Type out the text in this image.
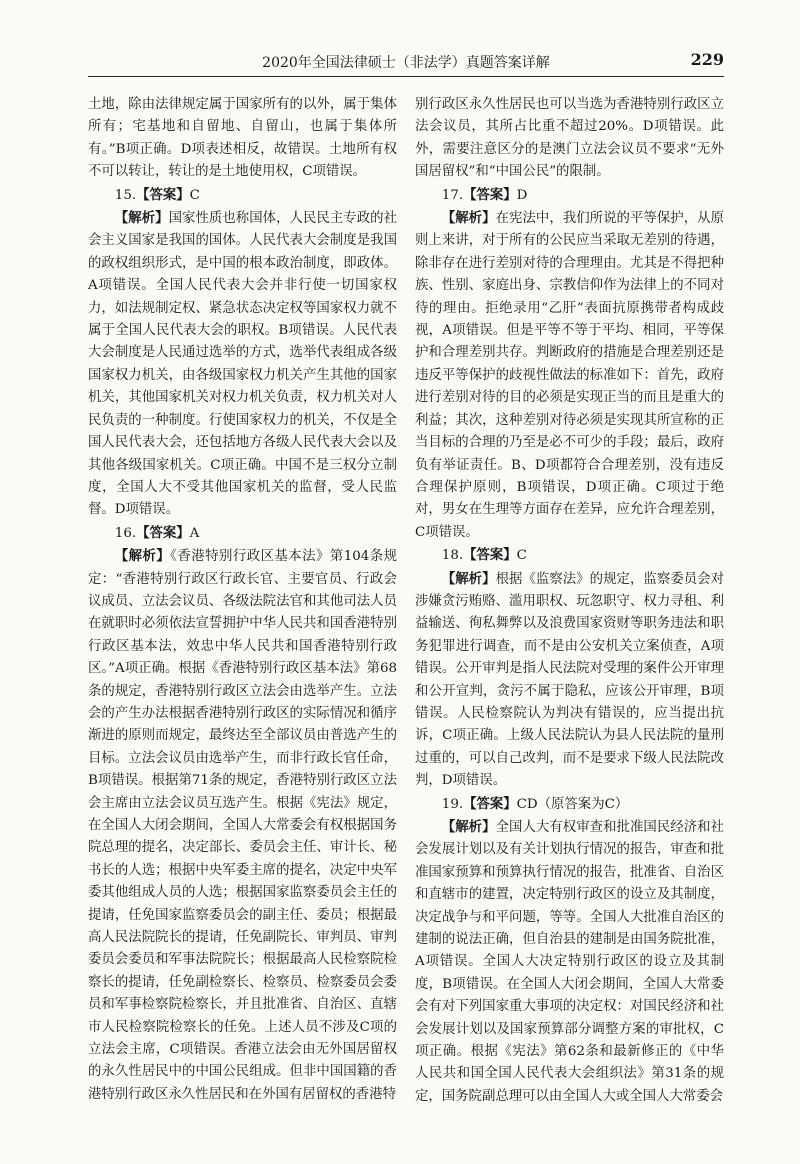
2020年全国法律硕士（非法学）真题答案详解	229

土地，除由法律规定属于国家所有的以外，属于集体所有；宅基地和自留地、自留山，也属于集体所有。”B项正确。D项表述相反，故错误。土地所有权不可以转让，转让的是土地使用权，C项错误。

15.【答案】C

【解析】国家性质也称国体，人民民主专政的社会主义国家是我国的国体。人民代表大会制度是我国的政权组织形式，是中国的根本政治制度，即政体。A项错误。全国人民代表大会并非行使一切国家权力，如法规制定权、紧急状态决定权等国家权力就不属于全国人民代表大会的职权。B项错误。人民代表大会制度是人民通过选举的方式，选举代表组成各级国家权力机关，由各级国家权力机关产生其他的国家机关，其他国家机关对权力机关负责，权力机关对人民负责的一种制度。行使国家权力的机关，不仅是全国人民代表大会，还包括地方各级人民代表大会以及其他各级国家机关。C项正确。中国不是三权分立制度，全国人大不受其他国家机关的监督，受人民监督。D项错误。

16.【答案】A

【解析】《香港特别行政区基本法》第104条规定：“香港特别行政区行政长官、主要官员、行政会议成员、立法会议员、各级法院法官和其他司法人员在就职时必须依法宣誓拥护中华人民共和国香港特别行政区基本法，效忠中华人民共和国香港特别行政区。”A项正确。根据《香港特别行政区基本法》第68条的规定，香港特别行政区立法会由选举产生。立法会的产生办法根据香港特别行政区的实际情况和循序渐进的原则而规定，最终达至全部议员由普选产生的目标。立法会议员由选举产生，而非行政长官任命，B项错误。根据第71条的规定，香港特别行政区立法会主席由立法会议员互选产生。根据《宪法》规定，在全国人大闭会期间，全国人大常委会有权根据国务院总理的提名，决定部长、委员会主任、审计长、秘书长的人选；根据中央军委主席的提名，决定中央军委其他组成人员的人选；根据国家监察委员会主任的提请，任免国家监察委员会的副主任、委员；根据最高人民法院院长的提请，任免副院长、审判员、审判委员会委员和军事法院院长；根据最高人民检察院检察长的提请，任免副检察长、检察员、检察委员会委员和军事检察院检察长，并且批准省、自治区、直辖市人民检察院检察长的任免。上述人员不涉及C项的立法会主席，C项错误。香港立法会由无外国居留权的永久性居民中的中国公民组成。但非中国国籍的香港特别行政区永久性居民和在外国有居留权的香港特

别行政区永久性居民也可以当选为香港特别行政区立法会议员，其所占比重不超过20%。D项错误。此外，需要注意区分的是澳门立法会议员不要求“无外国居留权”和“中国公民”的限制。

17.【答案】D

【解析】在宪法中，我们所说的平等保护，从原则上来讲，对于所有的公民应当采取无差别的待遇，除非存在进行差别对待的合理理由。尤其是不得把种族、性别、家庭出身、宗教信仰作为法律上的不同对待的理由。拒绝录用“乙肝”表面抗原携带者构成歧视，A项错误。但是平等不等于平均、相同，平等保护和合理差别共存。判断政府的措施是合理差别还是违反平等保护的歧视性做法的标准如下：首先，政府进行差别对待的目的必须是实现正当的而且是重大的利益；其次，这种差别对待必须是实现其所宣称的正当目标的合理的乃至是必不可少的手段；最后，政府负有举证责任。B、D项都符合合理差别，没有违反合理保护原则，B项错误，D项正确。C项过于绝对，男女在生理等方面存在差异，应允许合理差别，C项错误。

18.【答案】C

【解析】根据《监察法》的规定，监察委员会对涉嫌贪污贿赂、滥用职权、玩忽职守、权力寻租、利益输送、徇私舞弊以及浪费国家资财等职务违法和职务犯罪进行调查，而不是由公安机关立案侦查，A项错误。公开审判是指人民法院对受理的案件公开审理和公开宣判，贪污不属于隐私，应该公开审理，B项错误。人民检察院认为判决有错误的，应当提出抗诉，C项正确。上级人民法院认为县人民法院的量刑过重的，可以自己改判，而不是要求下级人民法院改判，D项错误。

19.【答案】CD（原答案为C）

【解析】全国人大有权审查和批准国民经济和社会发展计划以及有关计划执行情况的报告，审查和批准国家预算和预算执行情况的报告，批准省、自治区和直辖市的建置，决定特别行政区的设立及其制度，决定战争与和平问题，等等。全国人大批准自治区的建制的说法正确，但自治县的建制是由国务院批准，A项错误。全国人大决定特别行政区的设立及其制度，B项错误。在全国人大闭会期间，全国人大常委会有对下列国家重大事项的决定权：对国民经济和社会发展计划以及国家预算部分调整方案的审批权，C项正确。根据《宪法》第62条和最新修正的《中华人民共和国全国人民代表大会组织法》第31条的规定，国务院副总理可以由全国人大或全国人大常委会
